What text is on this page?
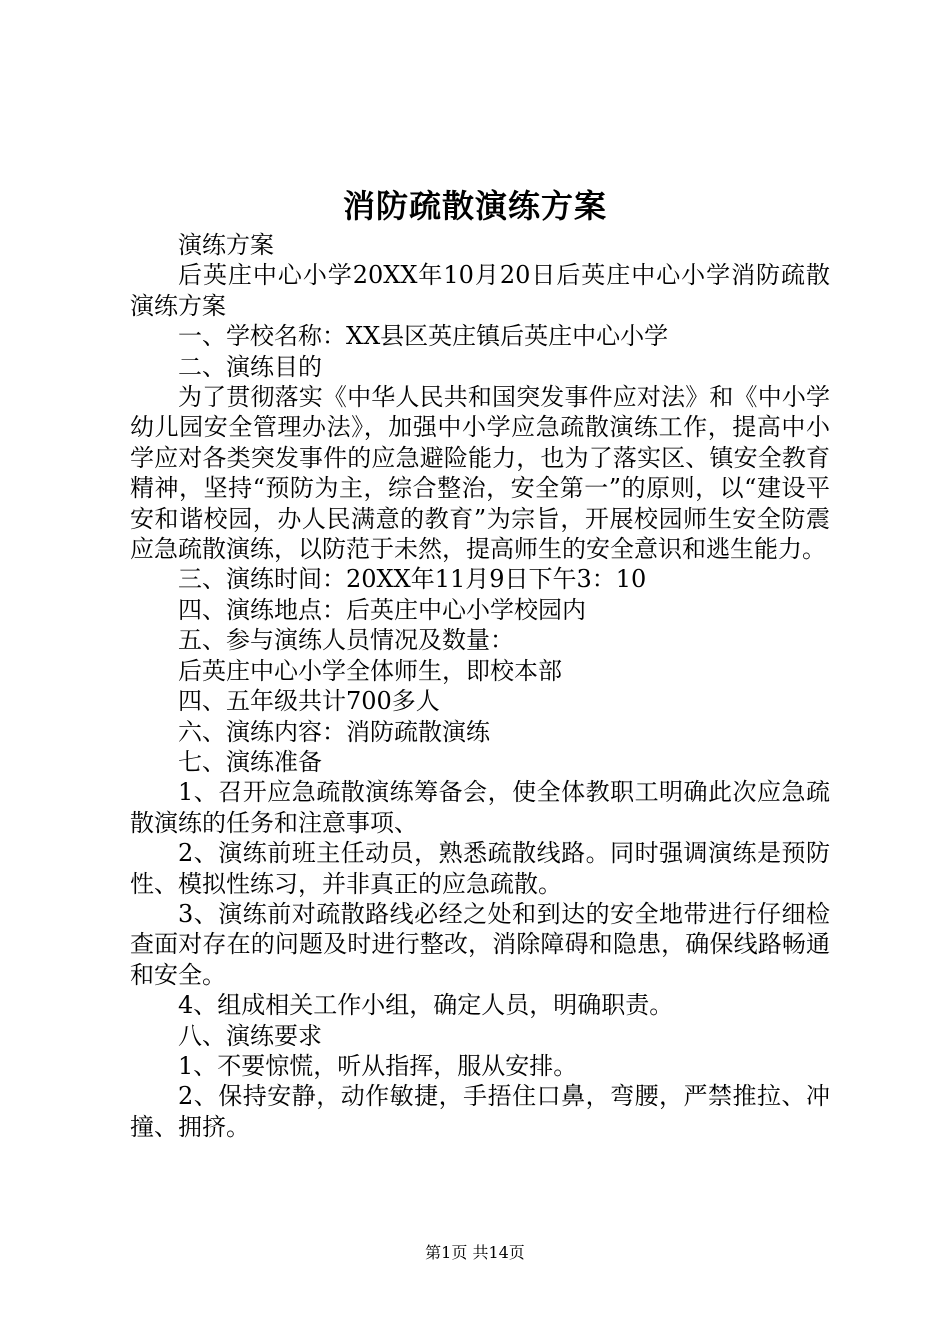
消防疏散演练方案

演练方案

后英庄中心小学20XX年10月20日后英庄中心小学消防疏散演练方案

一、学校名称：XX县区英庄镇后英庄中心小学

二、演练目的

为了贯彻落实《中华人民共和国突发事件应对法》和《中小学幼儿园安全管理办法》，加强中小学应急疏散演练工作，提高中小学应对各类突发事件的应急避险能力，也为了落实区、镇安全教育精神，坚持“预防为主，综合整治，安全第一”的原则，以“建设平安和谐校园，办人民满意的教育”为宗旨，开展校园师生安全防震应急疏散演练，以防范于未然，提高师生的安全意识和逃生能力。

三、演练时间：20XX年11月9日下午3：10

四、演练地点：后英庄中心小学校园内

五、参与演练人员情况及数量：

后英庄中心小学全体师生，即校本部

四、五年级共计700多人

六、演练内容：消防疏散演练

七、演练准备

1、召开应急疏散演练筹备会，使全体教职工明确此次应急疏散演练的任务和注意事项、

2、演练前班主任动员，熟悉疏散线路。同时强调演练是预防性、模拟性练习，并非真正的应急疏散。

3、演练前对疏散路线必经之处和到达的安全地带进行仔细检查面对存在的问题及时进行整改，消除障碍和隐患，确保线路畅通和安全。

4、组成相关工作小组，确定人员，明确职责。

八、演练要求

1、不要惊慌，听从指挥，服从安排。

2、保持安静，动作敏捷，手捂住口鼻，弯腰，严禁推拉、冲撞、拥挤。

第1页 共14页
